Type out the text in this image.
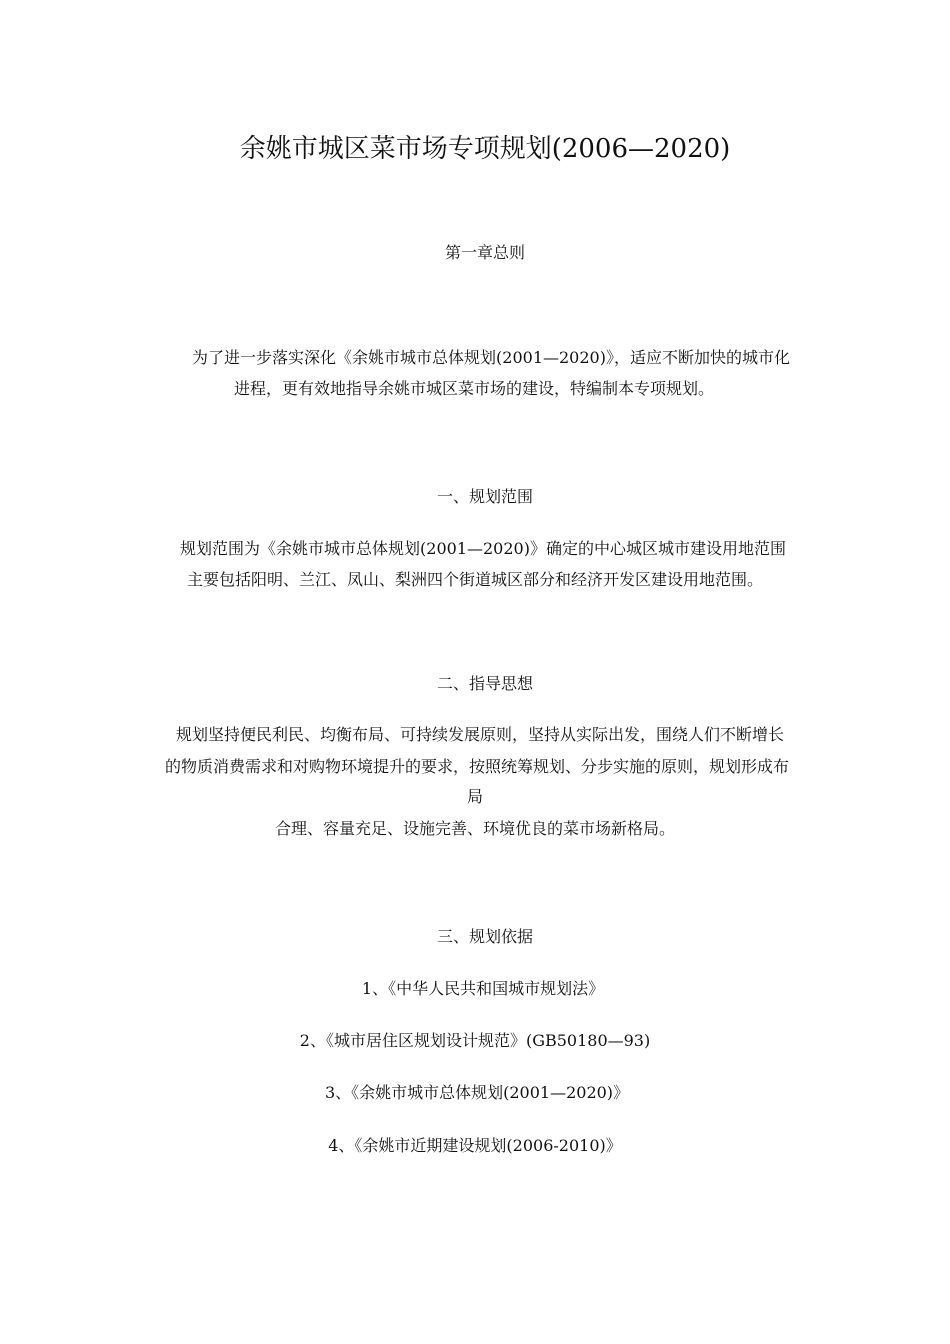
余姚市城区菜市场专项规划(2006—2020)
第一章总则
为了进一步落实深化《余姚市城市总体规划(2001—2020)》，适应不断加快的城市化
进程，更有效地指导余姚市城区菜市场的建设，特编制本专项规划。
一、规划范围
规划范围为《余姚市城市总体规划(2001—2020)》确定的中心城区城市建设用地范围
主要包括阳明、兰江、凤山、梨洲四个街道城区部分和经济开发区建设用地范围。
二、指导思想
规划坚持便民利民、均衡布局、可持续发展原则，坚持从实际出发，围绕人们不断增长
的物质消费需求和对购物环境提升的要求，按照统筹规划、分步实施的原则，规划形成布
局
合理、容量充足、设施完善、环境优良的菜市场新格局。
三、规划依据
1、《中华人民共和国城市规划法》
2、《城市居住区规划设计规范》(GB50180—93)
3、《余姚市城市总体规划(2001—2020)》
4、《余姚市近期建设规划(2006-2010)》
